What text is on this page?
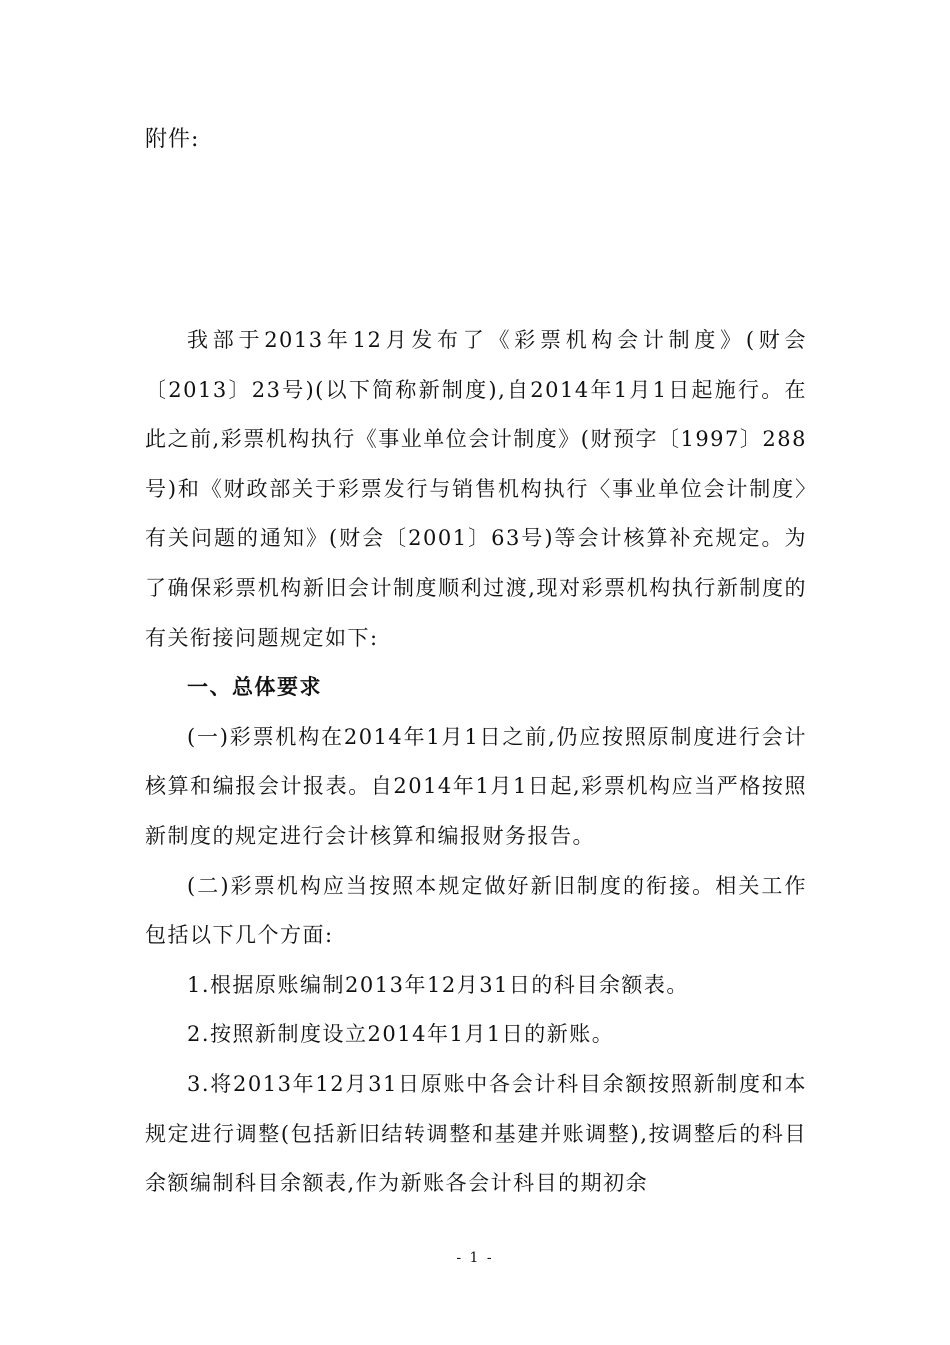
附件:

我部于2013年12月发布了《彩票机构会计制度》(财会〔2013〕23号)(以下简称新制度),自2014年1月1日起施行。在此之前,彩票机构执行《事业单位会计制度》(财预字〔1997〕288号)和《财政部关于彩票发行与销售机构执行〈事业单位会计制度〉有关问题的通知》(财会〔2001〕63号)等会计核算补充规定。为了确保彩票机构新旧会计制度顺利过渡,现对彩票机构执行新制度的有关衔接问题规定如下:

一、总体要求

(一)彩票机构在2014年1月1日之前,仍应按照原制度进行会计核算和编报会计报表。自2014年1月1日起,彩票机构应当严格按照新制度的规定进行会计核算和编报财务报告。

(二)彩票机构应当按照本规定做好新旧制度的衔接。相关工作包括以下几个方面:

1.根据原账编制2013年12月31日的科目余额表。

2.按照新制度设立2014年1月1日的新账。

3.将2013年12月31日原账中各会计科目余额按照新制度和本规定进行调整(包括新旧结转调整和基建并账调整),按调整后的科目余额编制科目余额表,作为新账各会计科目的期初余

- 1 -
